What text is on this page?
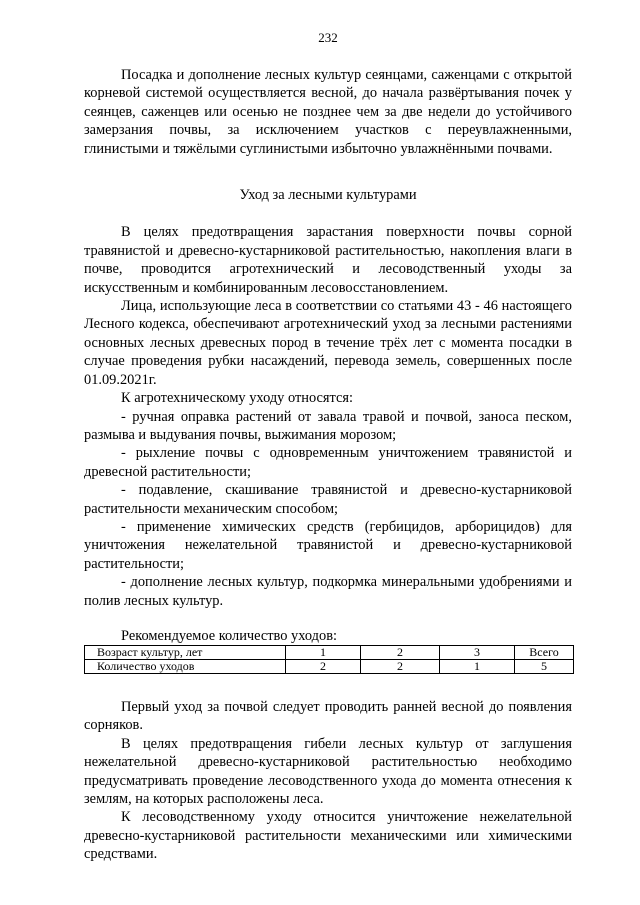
232

Посадка и дополнение лесных культур сеянцами, саженцами с открытой корневой системой осуществляется весной, до начала развёртывания почек у сеянцев, саженцев или осенью не позднее чем за две недели до устойчивого замерзания почвы, за исключением участков с переувлажненными, глинистыми и тяжёлыми суглинистыми избыточно увлажнёнными почвами.

Уход за лесными культурами

В целях предотвращения зарастания поверхности почвы сорной травянистой и древесно-кустарниковой растительностью, накопления влаги в почве, проводится агротехнический и лесоводственный уходы за искусственным и комбинированным лесовосстановлением.

Лица, использующие леса в соответствии со статьями 43 - 46 настоящего Лесного кодекса, обеспечивают агротехнический уход за лесными растениями основных лесных древесных пород в течение трёх лет с момента посадки в случае проведения рубки насаждений, перевода земель, совершенных после 01.09.2021г.

К агротехническому уходу относятся:

- ручная оправка растений от завала травой и почвой, заноса песком, размыва и выдувания почвы, выжимания морозом;

- рыхление почвы с одновременным уничтожением травянистой и древесной растительности;

- подавление, скашивание травянистой и древесно-кустарниковой растительности механическим способом;

- применение химических средств (гербицидов, арборицидов) для уничтожения нежелательной травянистой и древесно-кустарниковой растительности;

- дополнение лесных культур, подкормка минеральными удобрениями и полив лесных культур.

Рекомендуемое количество уходов:
Возраст культур, лет	1	2	3	Всего
Количество уходов	2	2	1	5

Первый уход за почвой следует проводить ранней весной до появления сорняков.

В целях предотвращения гибели лесных культур от заглушения нежелательной древесно-кустарниковой растительностью необходимо предусматривать проведение лесоводственного ухода до момента отнесения к землям, на которых расположены леса.

К лесоводственному уходу относится уничтожение нежелательной древесно-кустарниковой растительности механическими или химическими средствами.
